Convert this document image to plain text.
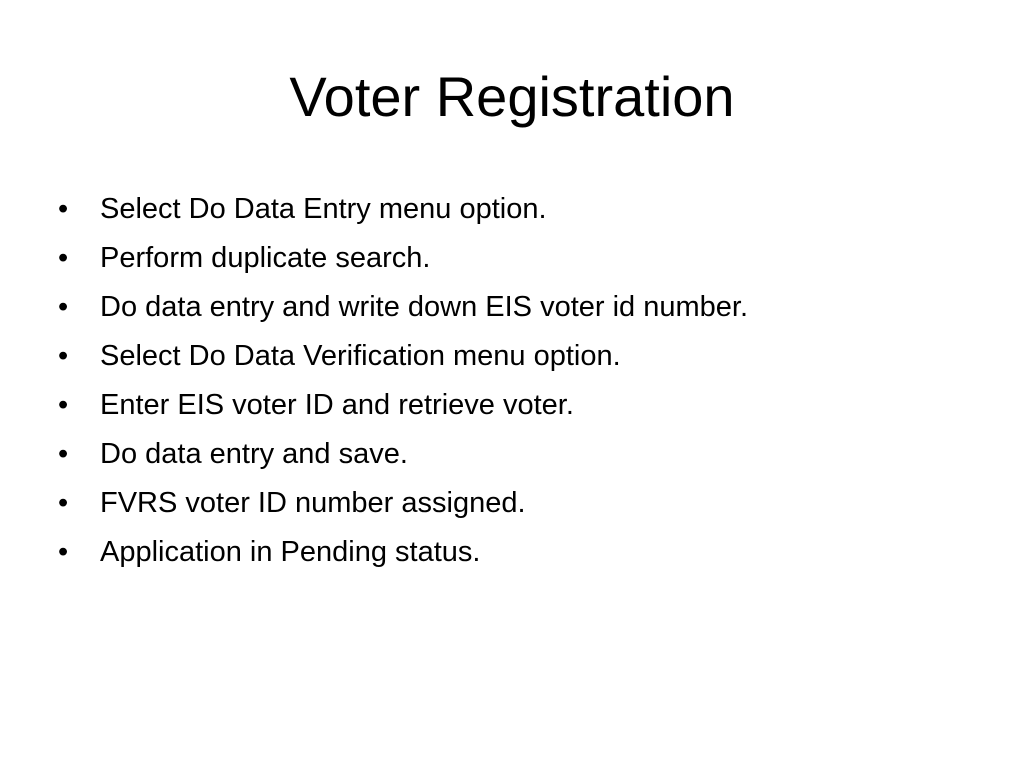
Voter Registration
•	Select Do Data Entry menu option.
•	Perform duplicate search.
•	Do data entry and write down EIS voter id number.
•	Select Do Data Verification menu option.
•	Enter EIS voter ID and retrieve voter.
•	Do data entry and save.
•	FVRS voter ID number assigned.
•	Application in Pending status.
